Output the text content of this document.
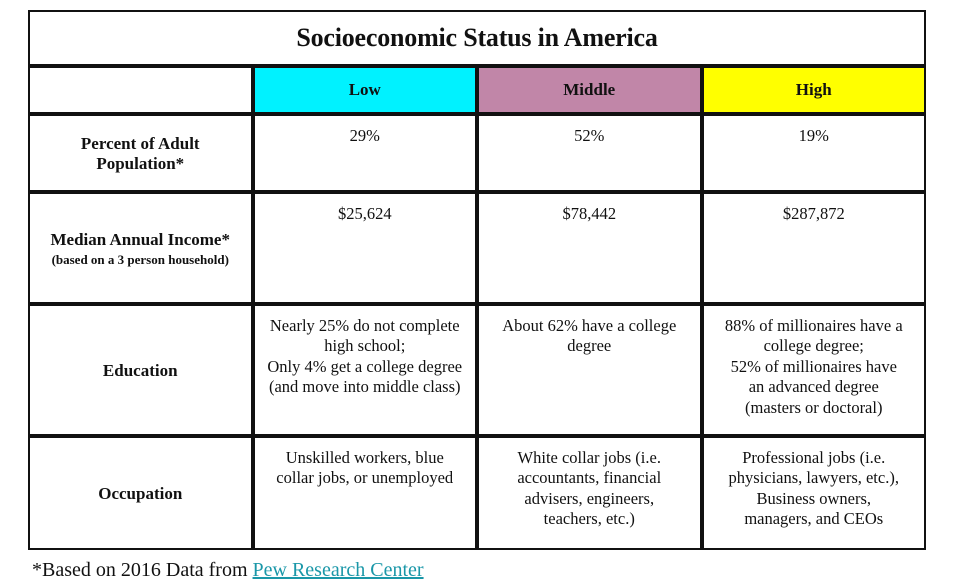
Socioeconomic Status in America			
	Low	Middle	High
Percent of Adult Population*	29%	52%	19%

Median Annual Income*
(based on a 3 person household)	$25,624	$78,442	$287,872

Education	Nearly 25% do not complete
high school;
Only 4% get a college degree
(and move into middle class)	About 62% have a college
degree	88% of millionaires have a
college degree;
52% of millionaires have
an advanced degree
(masters or doctoral)

Occupation	Unskilled workers, blue
collar jobs, or unemployed	White collar jobs (i.e.
accountants, financial
advisers, engineers,
teachers, etc.)	Professional jobs (i.e.
physicians, lawyers, etc.),
Business owners,
managers, and CEOs
*Based on 2016 Data from Pew Research Center
